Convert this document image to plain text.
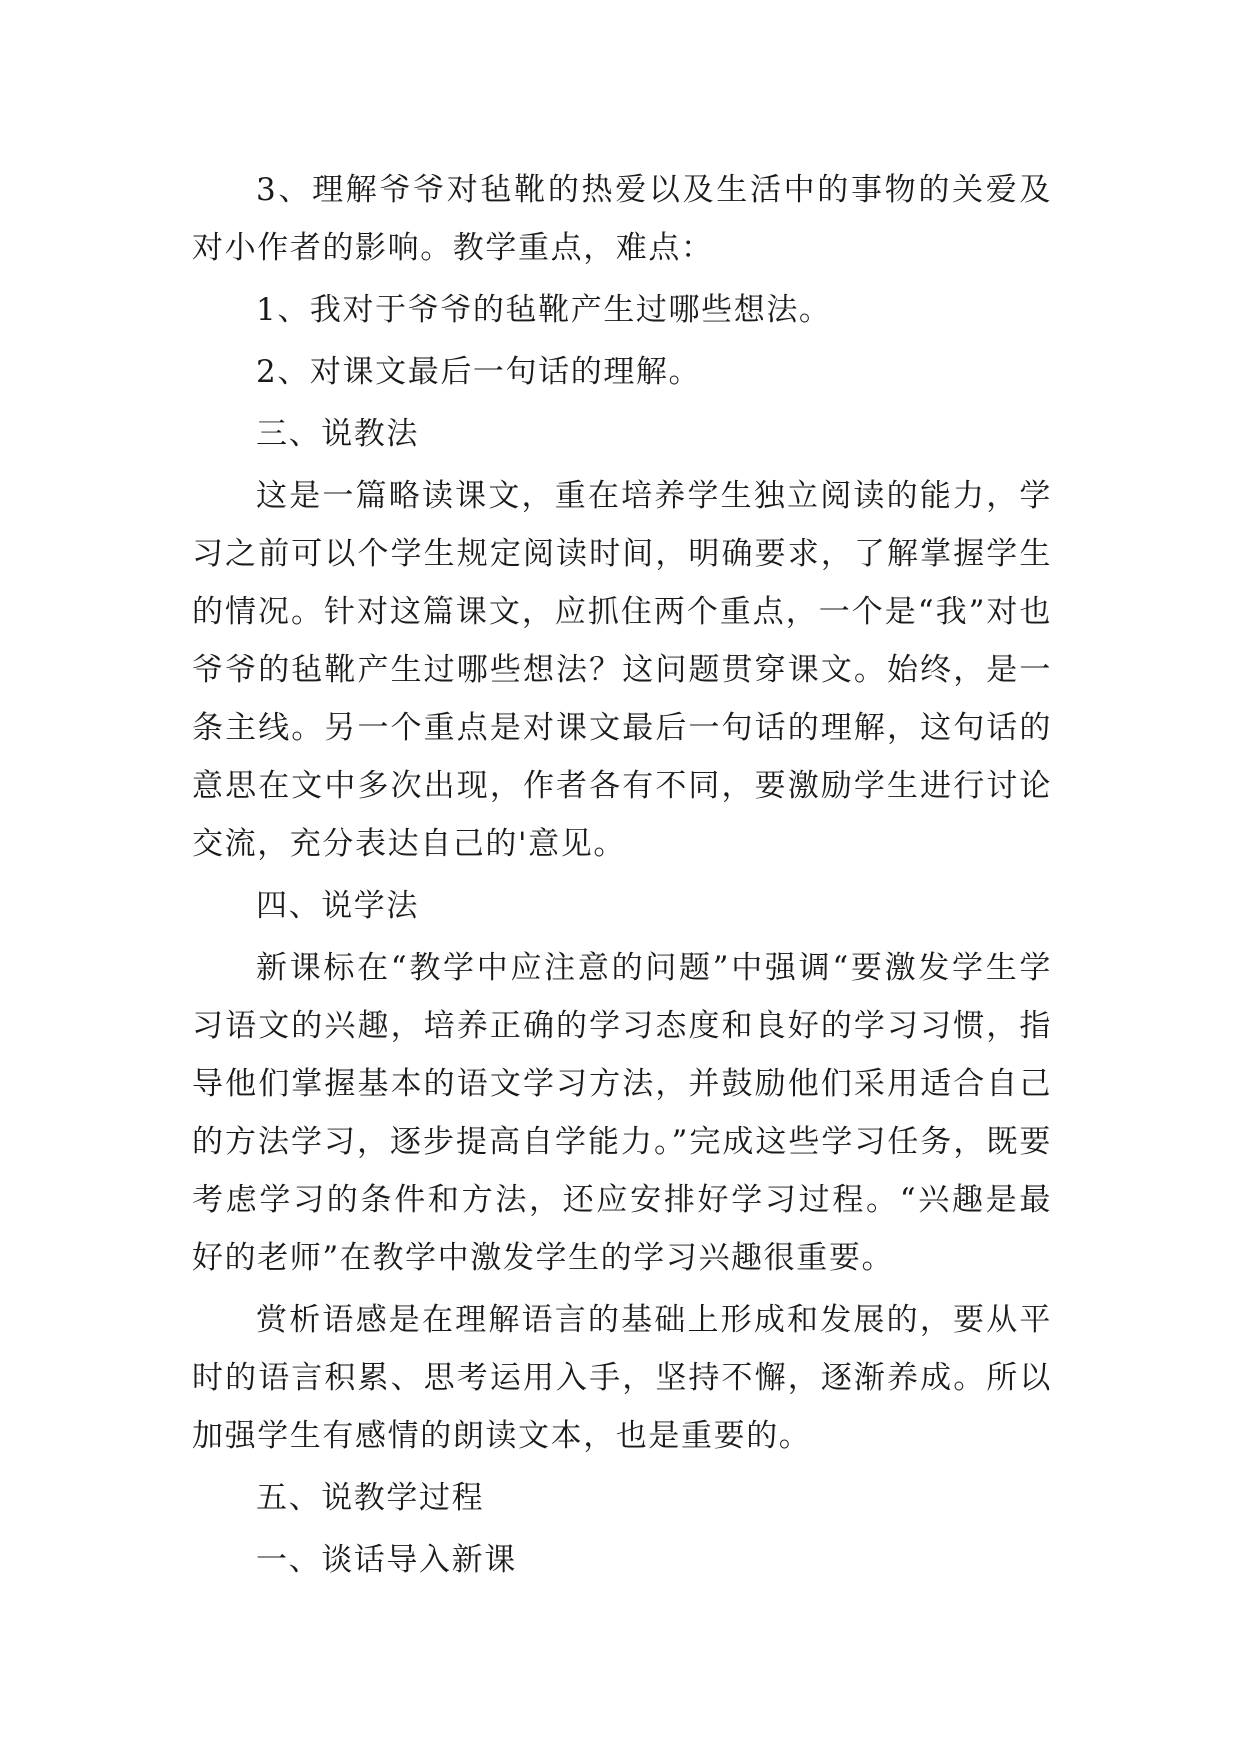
3、理解爷爷对毡靴的热爱以及生活中的事物的关爱及对小作者的影响。教学重点，难点：

1、我对于爷爷的毡靴产生过哪些想法。

2、对课文最后一句话的理解。

三、说教法

这是一篇略读课文，重在培养学生独立阅读的能力，学习之前可以个学生规定阅读时间，明确要求，了解掌握学生的情况。针对这篇课文，应抓住两个重点，一个是“我”对也爷爷的毡靴产生过哪些想法？这问题贯穿课文。始终，是一条主线。另一个重点是对课文最后一句话的理解，这句话的意思在文中多次出现，作者各有不同，要激励学生进行讨论交流，充分表达自己的'意见。

四、说学法

新课标在“教学中应注意的问题”中强调“要激发学生学习语文的兴趣，培养正确的学习态度和良好的学习习惯，指导他们掌握基本的语文学习方法，并鼓励他们采用适合自己的方法学习，逐步提高自学能力。”完成这些学习任务，既要考虑学习的条件和方法，还应安排好学习过程。“兴趣是最好的老师”在教学中激发学生的学习兴趣很重要。

赏析语感是在理解语言的基础上形成和发展的，要从平时的语言积累、思考运用入手，坚持不懈，逐渐养成。所以加强学生有感情的朗读文本，也是重要的。

五、说教学过程

一、谈话导入新课
